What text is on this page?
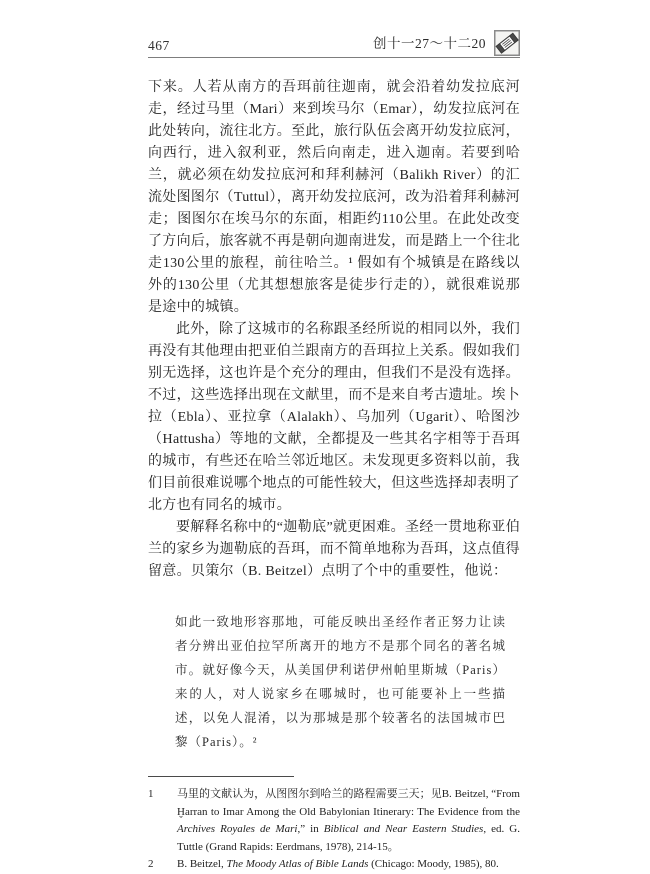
467	创十一27～十二20

下来。人若从南方的吾珥前往迦南，就会沿着幼发拉底河走，经过马里（Mari）来到埃马尔（Emar），幼发拉底河在此处转向，流往北方。至此，旅行队伍会离开幼发拉底河，向西行，进入叙利亚，然后向南走，进入迦南。若要到哈兰，就必须在幼发拉底河和拜利赫河（Balikh River）的汇流处图图尔（Tuttul），离开幼发拉底河，改为沿着拜利赫河走；图图尔在埃马尔的东面，相距约110公里。在此处改变了方向后，旅客就不再是朝向迦南进发，而是踏上一个往北走130公里的旅程，前往哈兰。¹ 假如有个城镇是在路线以外的130公里（尤其想想旅客是徒步行走的），就很难说那是途中的城镇。

此外，除了这城市的名称跟圣经所说的相同以外，我们再没有其他理由把亚伯兰跟南方的吾珥拉上关系。假如我们别无选择，这也许是个充分的理由，但我们不是没有选择。不过，这些选择出现在文献里，而不是来自考古遗址。埃卜拉（Ebla）、亚拉拿（Alalakh）、乌加列（Ugarit）、哈图沙（Hattusha）等地的文献，全都提及一些其名字相等于吾珥的城市，有些还在哈兰邻近地区。未发现更多资料以前，我们目前很难说哪个地点的可能性较大，但这些选择却表明了北方也有同名的城市。

要解释名称中的“迦勒底”就更困难。圣经一贯地称亚伯兰的家乡为迦勒底的吾珥，而不简单地称为吾珥，这点值得留意。贝策尔（B. Beitzel）点明了个中的重要性，他说：

如此一致地形容那地，可能反映出圣经作者正努力让读者分辨出亚伯拉罕所离开的地方不是那个同名的著名城市。就好像今天，从美国伊利诺伊州帕里斯城（Paris）来的人，对人说家乡在哪城时，也可能要补上一些描述，以免人混淆，以为那城是那个较著名的法国城市巴黎（Paris）。²
1	马里的文献认为，从图图尔到哈兰的路程需要三天；见B. Beitzel, “From Ḫarran to Imar Among the Old Babylonian Itinerary: The Evidence from the Archives Royales de Mari,” in Biblical and Near Eastern Studies, ed. G. Tuttle (Grand Rapids: Eerdmans, 1978), 214-15。
2	B. Beitzel, The Moody Atlas of Bible Lands (Chicago: Moody, 1985), 80.
